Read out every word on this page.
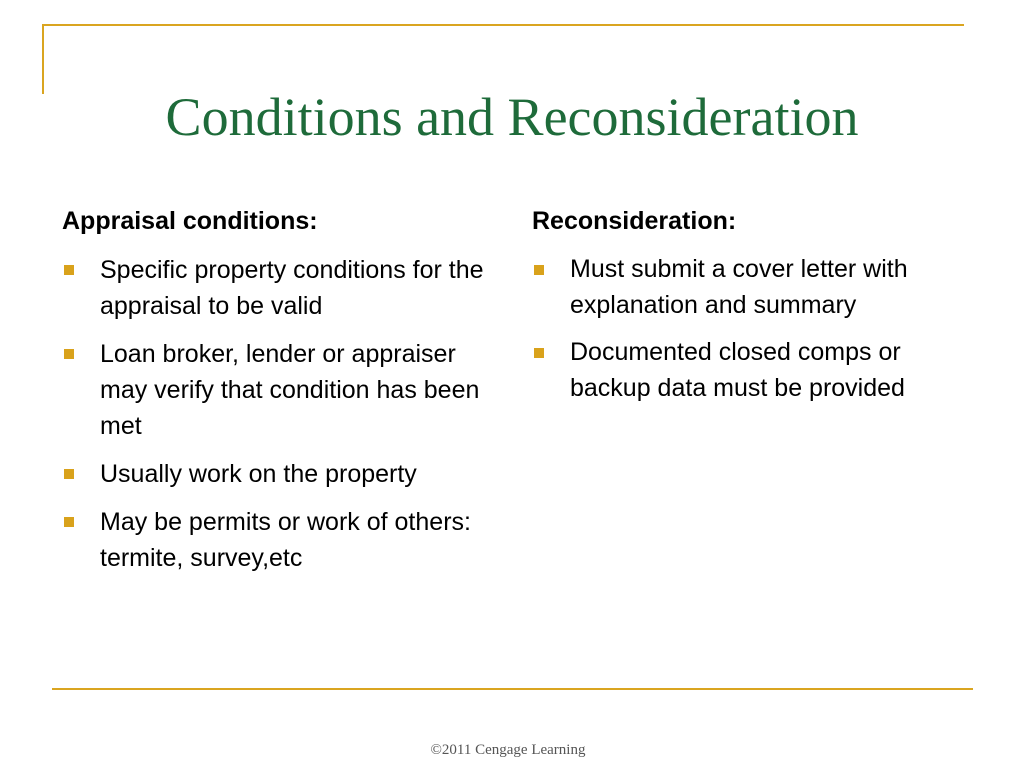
Conditions and Reconsideration
Appraisal conditions:
Specific property conditions for the appraisal to be valid
Loan broker, lender or appraiser may verify that condition has been met
Usually work on the property
May be permits or work of others: termite, survey,etc
Reconsideration:
Must submit a cover letter with explanation and summary
Documented closed comps or backup data must be provided
©2011 Cengage Learning
